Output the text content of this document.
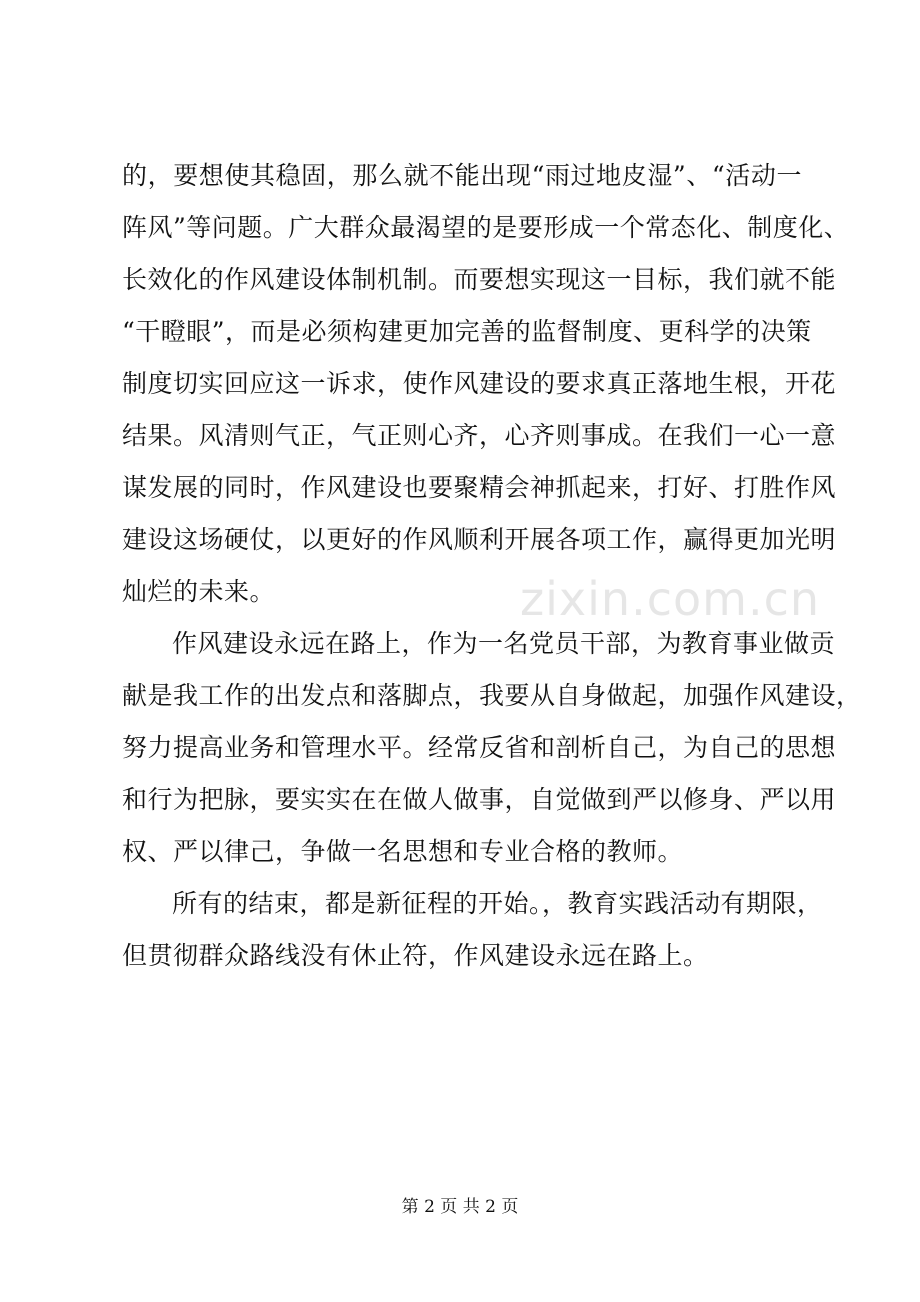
的，要想使其稳固，那么就不能出现“雨过地皮湿”、“活动一
阵风”等问题。广大群众最渴望的是要形成一个常态化、制度化、
长效化的作风建设体制机制。而要想实现这一目标，我们就不能
“干瞪眼”，而是必须构建更加完善的监督制度、更科学的决策
制度切实回应这一诉求，使作风建设的要求真正落地生根，开花
结果。风清则气正，气正则心齐，心齐则事成。在我们一心一意
谋发展的同时，作风建设也要聚精会神抓起来，打好、打胜作风
建设这场硬仗，以更好的作风顺利开展各项工作，赢得更加光明
灿烂的未来。
作风建设永远在路上，作为一名党员干部，为教育事业做贡
献是我工作的出发点和落脚点，我要从自身做起，加强作风建设，
努力提高业务和管理水平。经常反省和剖析自己，为自己的思想
和行为把脉，要实实在在做人做事，自觉做到严以修身、严以用
权、严以律己，争做一名思想和专业合格的教师。
所有的结束，都是新征程的开始。，教育实践活动有期限，
但贯彻群众路线没有休止符，作风建设永远在路上。
zixin.com.cn
第 2 页 共 2 页
